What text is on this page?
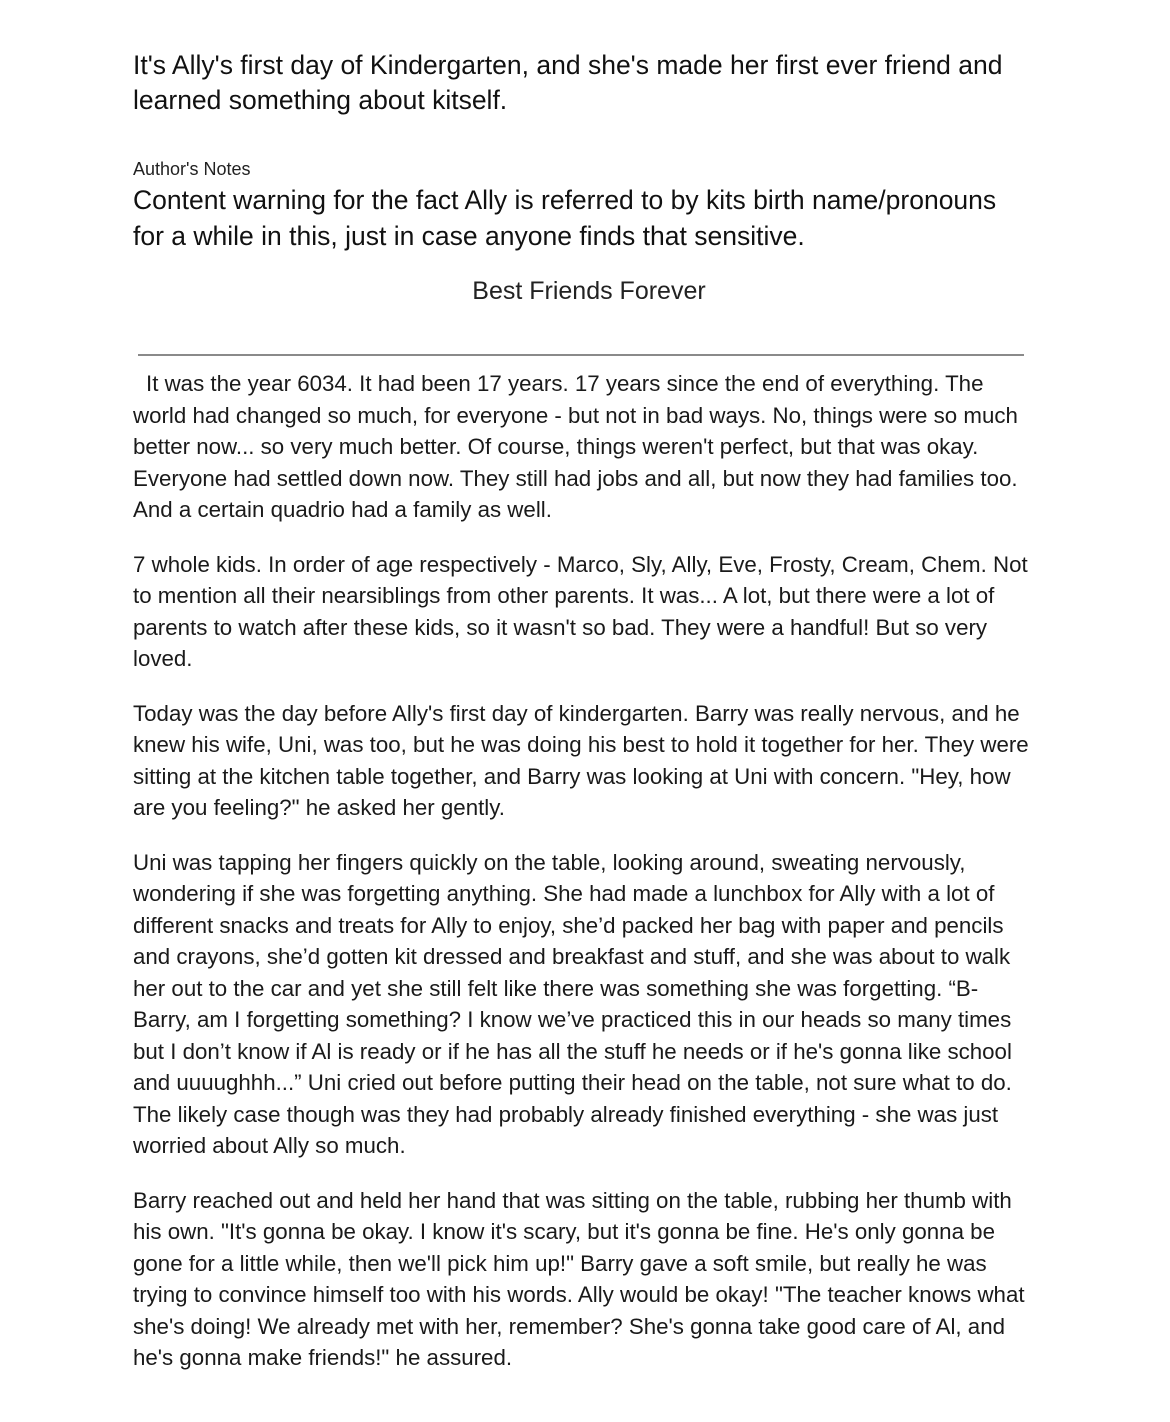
It's Ally's first day of Kindergarten, and she's made her first ever friend and learned something about kitself.

Author's Notes

Content warning for the fact Ally is referred to by kits birth name/pronouns for a while in this, just in case anyone finds that sensitive.

Best Friends Forever

It was the year 6034. It had been 17 years. 17 years since the end of everything. The world had changed so much, for everyone - but not in bad ways. No, things were so much better now... so very much better. Of course, things weren't perfect, but that was okay. Everyone had settled down now. They still had jobs and all, but now they had families too. And a certain quadrio had a family as well.

7 whole kids. In order of age respectively - Marco, Sly, Ally, Eve, Frosty, Cream, Chem. Not to mention all their nearsiblings from other parents. It was... A lot, but there were a lot of parents to watch after these kids, so it wasn't so bad. They were a handful! But so very loved.

Today was the day before Ally's first day of kindergarten. Barry was really nervous, and he knew his wife, Uni, was too, but he was doing his best to hold it together for her. They were sitting at the kitchen table together, and Barry was looking at Uni with concern. "Hey, how are you feeling?" he asked her gently.

Uni was tapping her fingers quickly on the table, looking around, sweating nervously, wondering if she was forgetting anything. She had made a lunchbox for Ally with a lot of different snacks and treats for Ally to enjoy, she’d packed her bag with paper and pencils and crayons, she’d gotten kit dressed and breakfast and stuff, and she was about to walk her out to the car and yet she still felt like there was something she was forgetting. “B-Barry, am I forgetting something? I know we’ve practiced this in our heads so many times but I don’t know if Al is ready or if he has all the stuff he needs or if he's gonna like school and uuuughhh...” Uni cried out before putting their head on the table, not sure what to do. The likely case though was they had probably already finished everything - she was just worried about Ally so much.

Barry reached out and held her hand that was sitting on the table, rubbing her thumb with his own. "It's gonna be okay. I know it's scary, but it's gonna be fine. He's only gonna be gone for a little while, then we'll pick him up!" Barry gave a soft smile, but really he was trying to convince himself too with his words. Ally would be okay! "The teacher knows what she's doing! We already met with her, remember? She's gonna take good care of Al, and he's gonna make friends!" he assured.
